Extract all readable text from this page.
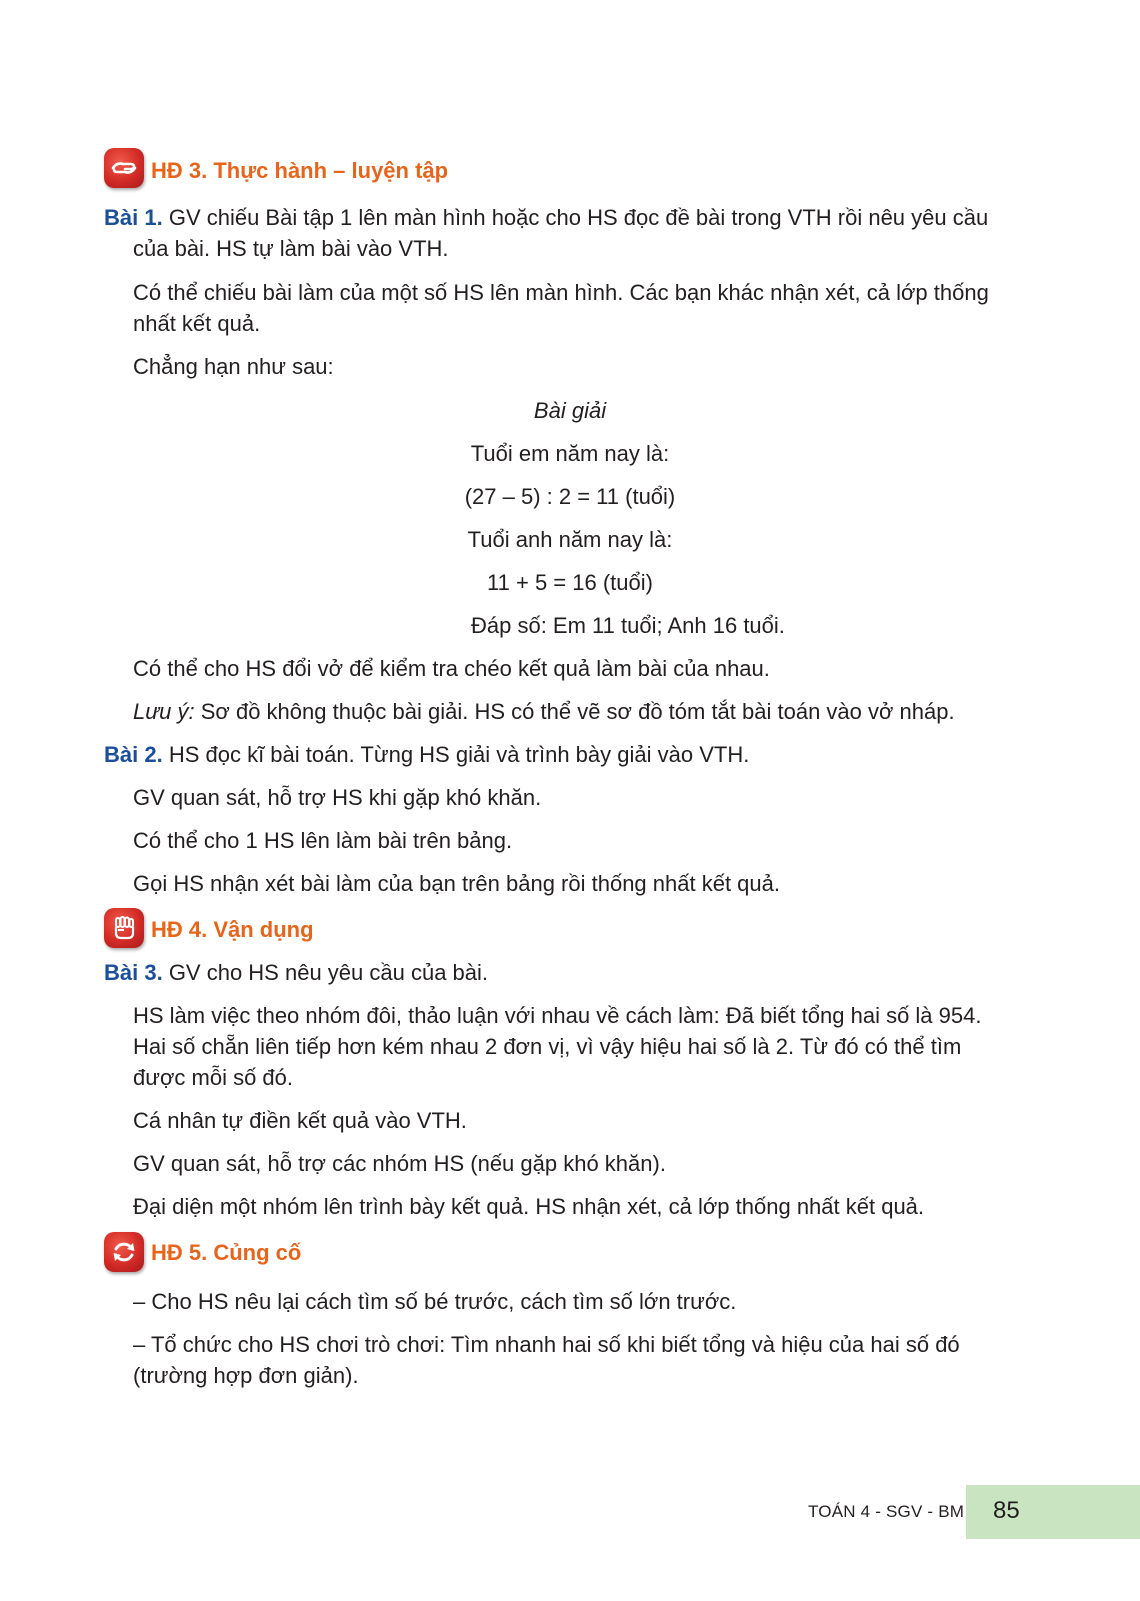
HĐ 3. Thực hành – luyện tập
Bài 1. GV chiếu Bài tập 1 lên màn hình hoặc cho HS đọc đề bài trong VTH rồi nêu yêu cầu
của bài. HS tự làm bài vào VTH.
Có thể chiếu bài làm của một số HS lên màn hình. Các bạn khác nhận xét, cả lớp thống
nhất kết quả.
Chẳng hạn như sau:
Bài giải
Tuổi em năm nay là:
(27 – 5) : 2 = 11 (tuổi)
Tuổi anh năm nay là:
11 + 5 = 16 (tuổi)
Đáp số: Em 11 tuổi; Anh 16 tuổi.
Có thể cho HS đổi vở để kiểm tra chéo kết quả làm bài của nhau.
Lưu ý: Sơ đồ không thuộc bài giải. HS có thể vẽ sơ đồ tóm tắt bài toán vào vở nháp.
Bài 2. HS đọc kĩ bài toán. Từng HS giải và trình bày giải vào VTH.
GV quan sát, hỗ trợ HS khi gặp khó khăn.
Có thể cho 1 HS lên làm bài trên bảng.
Gọi HS nhận xét bài làm của bạn trên bảng rồi thống nhất kết quả.
HĐ 4. Vận dụng
Bài 3. GV cho HS nêu yêu cầu của bài.
HS làm việc theo nhóm đôi, thảo luận với nhau về cách làm: Đã biết tổng hai số là 954.
Hai số chẵn liên tiếp hơn kém nhau 2 đơn vị, vì vậy hiệu hai số là 2. Từ đó có thể tìm
được mỗi số đó.
Cá nhân tự điền kết quả vào VTH.
GV quan sát, hỗ trợ các nhóm HS (nếu gặp khó khăn).
Đại diện một nhóm lên trình bày kết quả. HS nhận xét, cả lớp thống nhất kết quả.
HĐ 5. Củng cố
– Cho HS nêu lại cách tìm số bé trước, cách tìm số lớn trước.
– Tổ chức cho HS chơi trò chơi: Tìm nhanh hai số khi biết tổng và hiệu của hai số đó
(trường hợp đơn giản).
TOÁN 4 - SGV - BM 85
